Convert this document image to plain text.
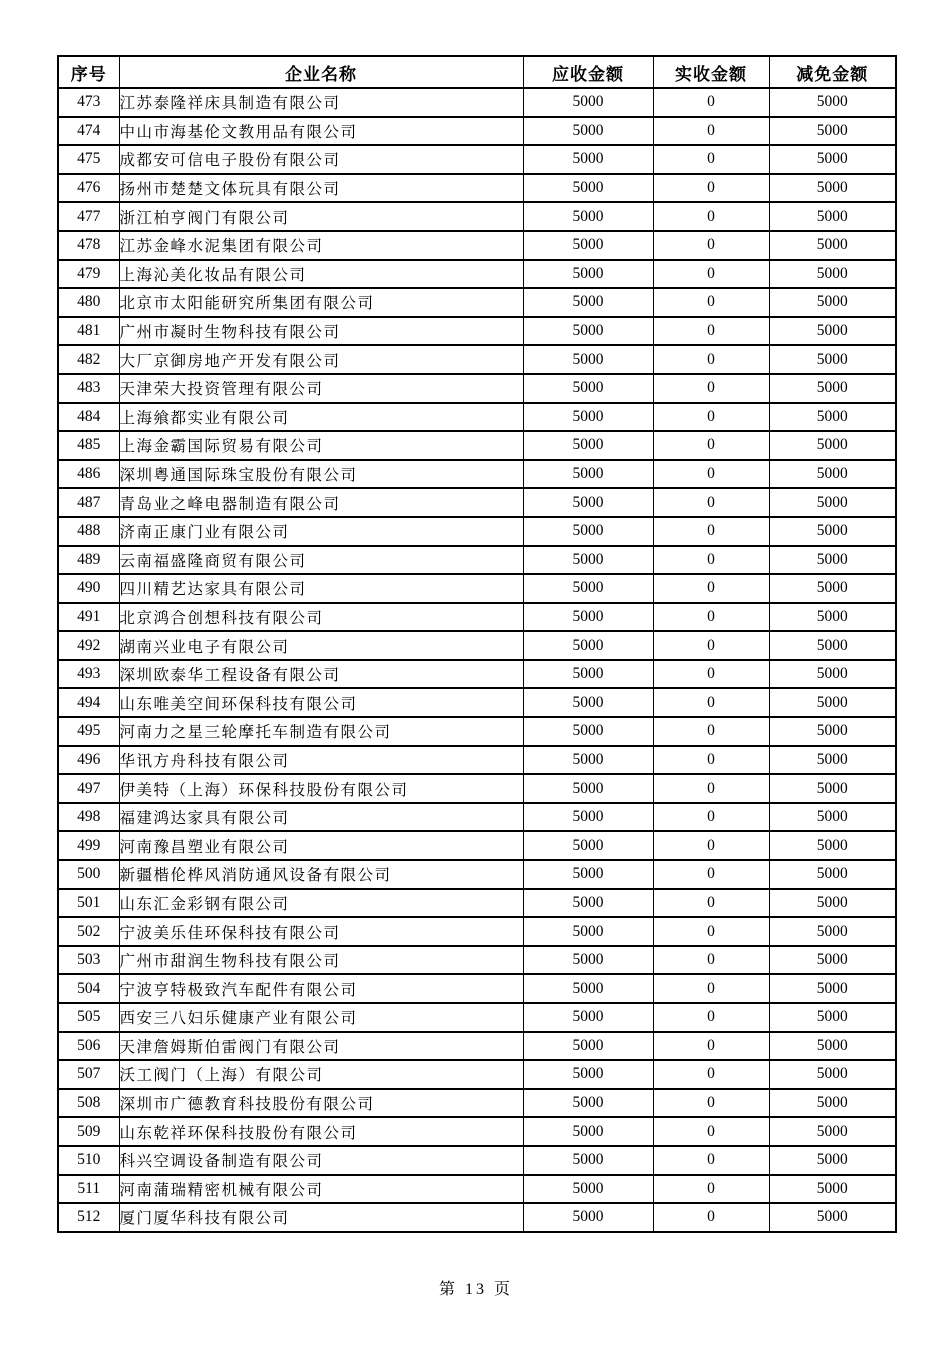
序号	企业名称	应收金额	实收金额	减免金额
473	江苏泰隆祥床具制造有限公司	5000	0	5000
474	中山市海基伦文教用品有限公司	5000	0	5000
475	成都安可信电子股份有限公司	5000	0	5000
476	扬州市楚楚文体玩具有限公司	5000	0	5000
477	浙江柏亨阀门有限公司	5000	0	5000
478	江苏金峰水泥集团有限公司	5000	0	5000
479	上海沁美化妆品有限公司	5000	0	5000
480	北京市太阳能研究所集团有限公司	5000	0	5000
481	广州市凝时生物科技有限公司	5000	0	5000
482	大厂京御房地产开发有限公司	5000	0	5000
483	天津荣大投资管理有限公司	5000	0	5000
484	上海飨都实业有限公司	5000	0	5000
485	上海金霸国际贸易有限公司	5000	0	5000
486	深圳粤通国际珠宝股份有限公司	5000	0	5000
487	青岛业之峰电器制造有限公司	5000	0	5000
488	济南正康门业有限公司	5000	0	5000
489	云南福盛隆商贸有限公司	5000	0	5000
490	四川精艺达家具有限公司	5000	0	5000
491	北京鸿合创想科技有限公司	5000	0	5000
492	湖南兴业电子有限公司	5000	0	5000
493	深圳欧泰华工程设备有限公司	5000	0	5000
494	山东唯美空间环保科技有限公司	5000	0	5000
495	河南力之星三轮摩托车制造有限公司	5000	0	5000
496	华讯方舟科技有限公司	5000	0	5000
497	伊美特（上海）环保科技股份有限公司	5000	0	5000
498	福建鸿达家具有限公司	5000	0	5000
499	河南豫昌塑业有限公司	5000	0	5000
500	新疆楷伦桦风消防通风设备有限公司	5000	0	5000
501	山东汇金彩钢有限公司	5000	0	5000
502	宁波美乐佳环保科技有限公司	5000	0	5000
503	广州市甜润生物科技有限公司	5000	0	5000
504	宁波亨特极致汽车配件有限公司	5000	0	5000
505	西安三八妇乐健康产业有限公司	5000	0	5000
506	天津詹姆斯伯雷阀门有限公司	5000	0	5000
507	沃工阀门（上海）有限公司	5000	0	5000
508	深圳市广德教育科技股份有限公司	5000	0	5000
509	山东乾祥环保科技股份有限公司	5000	0	5000
510	科兴空调设备制造有限公司	5000	0	5000
511	河南蒲瑞精密机械有限公司	5000	0	5000
512	厦门厦华科技有限公司	5000	0	5000
第 13 页
